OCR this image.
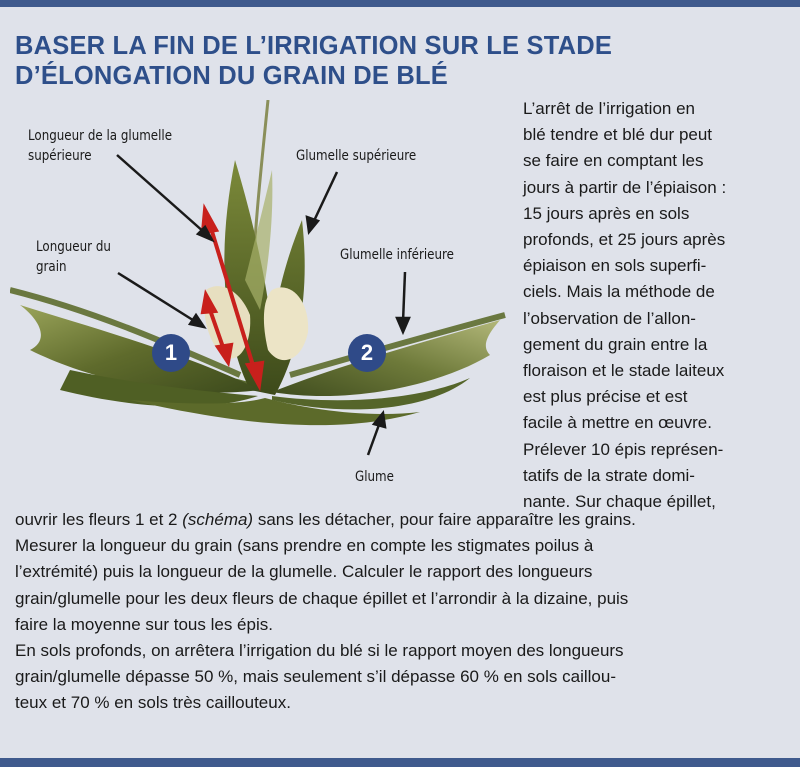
BASER LA FIN DE L’IRRIGATION SUR LE STADE
D’ÉLONGATION DU GRAIN DE BLÉ
1	2
Longueur de la glumelle
supérieure	Glumelle supérieure
Longueur du
grain
Glumelle inférieure
Glume
L’arrêt de l’irrigation en
blé tendre et blé dur peut
se faire en comptant les
jours à partir de l’épiaison :
15 jours après en sols
profonds, et 25 jours après
épiaison en sols superfi-
ciels. Mais la méthode de
l’observation de l’allon-
gement du grain entre la
floraison et le stade laiteux
est plus précise et est
facile à mettre en œuvre.
Prélever 10 épis représen-
tatifs de la strate domi-
nante. Sur chaque épillet,
ouvrir les fleurs 1 et 2 (schéma) sans les détacher, pour faire apparaître les grains.
Mesurer la longueur du grain (sans prendre en compte les stigmates poilus à
l’extrémité) puis la longueur de la glumelle. Calculer le rapport des longueurs
grain/glumelle pour les deux fleurs de chaque épillet et l’arrondir à la dizaine, puis
faire la moyenne sur tous les épis.
En sols profonds, on arrêtera l’irrigation du blé si le rapport moyen des longueurs
grain/glumelle dépasse 50 %, mais seulement s’il dépasse 60 % en sols caillou-
teux et 70 % en sols très caillouteux.
